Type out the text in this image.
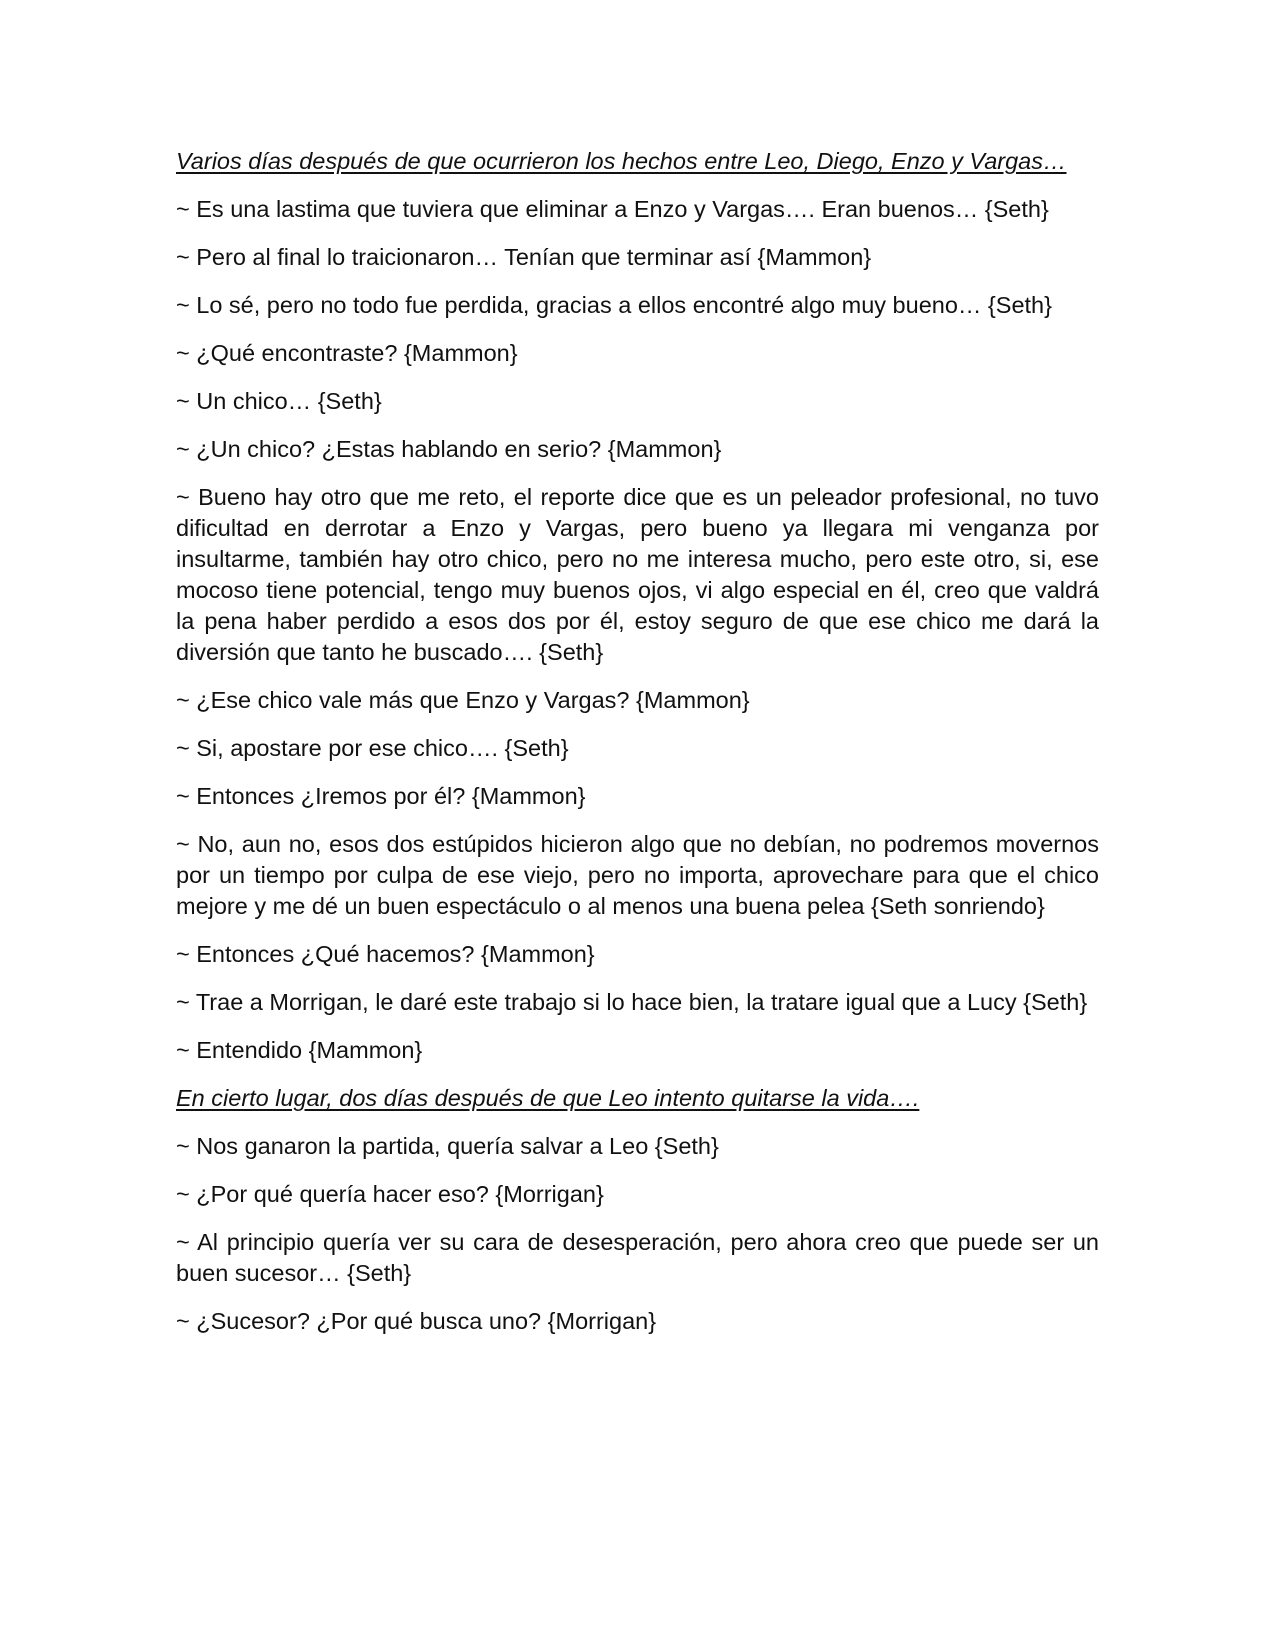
Varios días después de que ocurrieron los hechos entre Leo, Diego, Enzo y Vargas…

~ Es una lastima que tuviera que eliminar a Enzo y Vargas…. Eran buenos… {Seth}

~ Pero al final lo traicionaron… Tenían que terminar así {Mammon}

~ Lo sé, pero no todo fue perdida, gracias a ellos encontré algo muy bueno… {Seth}

~ ¿Qué encontraste? {Mammon}

~ Un chico… {Seth}

~ ¿Un chico? ¿Estas hablando en serio? {Mammon}

~ Bueno hay otro que me reto, el reporte dice que es un peleador profesional, no tuvo dificultad en derrotar a Enzo y Vargas, pero bueno ya llegara mi venganza por insultarme, también hay otro chico, pero no me interesa mucho, pero este otro, si, ese mocoso tiene potencial, tengo muy buenos ojos, vi algo especial en él, creo que valdrá la pena haber perdido a esos dos por él, estoy seguro de que ese chico me dará la diversión que tanto he buscado…. {Seth}

~ ¿Ese chico vale más que Enzo y Vargas? {Mammon}

~ Si, apostare por ese chico…. {Seth}

~ Entonces ¿Iremos por él? {Mammon}

~ No, aun no, esos dos estúpidos hicieron algo que no debían, no podremos movernos por un tiempo por culpa de ese viejo, pero no importa, aprovechare para que el chico mejore y me dé un buen espectáculo o al menos una buena pelea {Seth sonriendo}

~ Entonces ¿Qué hacemos? {Mammon}

~ Trae a Morrigan, le daré este trabajo si lo hace bien, la tratare igual que a Lucy {Seth}

~ Entendido {Mammon}

En cierto lugar, dos días después de que Leo intento quitarse la vida….

~ Nos ganaron la partida, quería salvar a Leo {Seth}

~ ¿Por qué quería hacer eso? {Morrigan}

~ Al principio quería ver su cara de desesperación, pero ahora creo que puede ser un buen sucesor… {Seth}

~ ¿Sucesor? ¿Por qué busca uno? {Morrigan}
